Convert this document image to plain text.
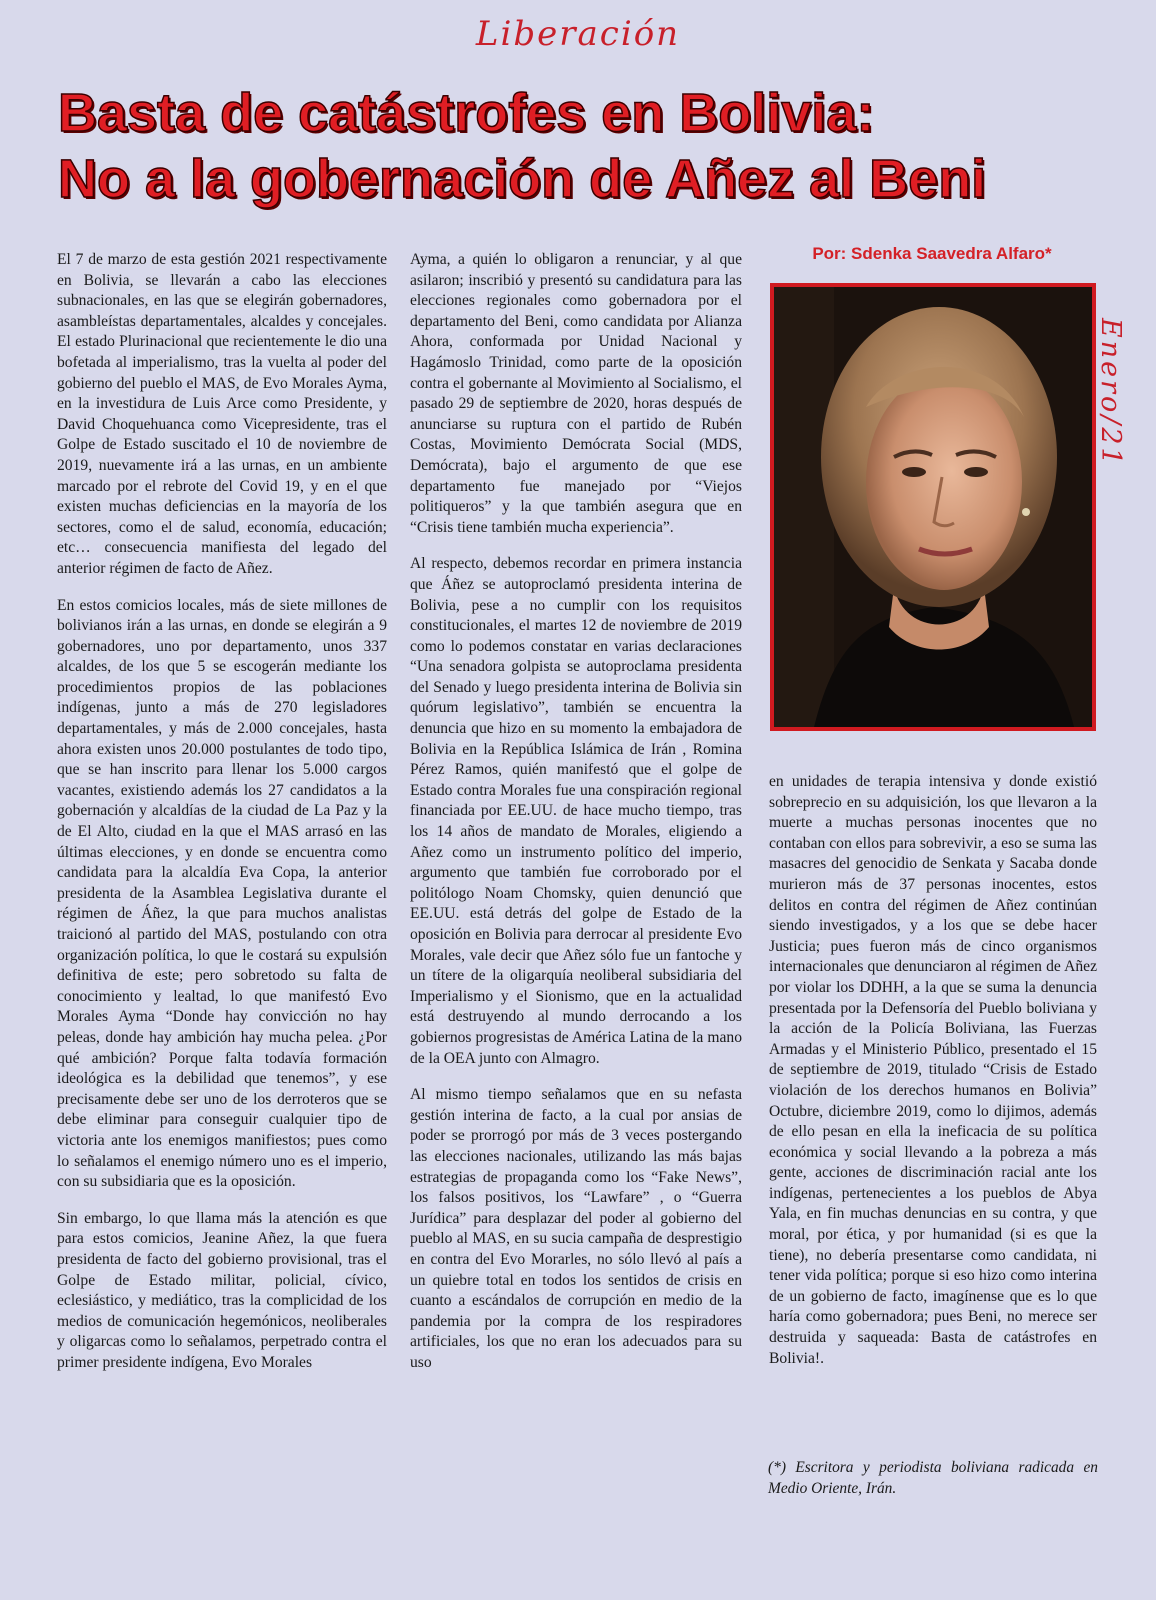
Liberación
Basta de catástrofes en Bolivia:
No a la gobernación de Añez al Beni

El 7 de marzo de esta gestión 2021 respectivamente en Bolivia, se llevarán a cabo las elecciones subnacionales, en las que se elegirán gobernadores, asambleístas departamentales, alcaldes y concejales. El estado Plurinacional que recientemente le dio una bofetada al imperialismo, tras la vuelta al poder del gobierno del pueblo el MAS, de Evo Morales Ayma, en la investidura de Luis Arce como Presidente, y David Choquehuanca como Vicepresidente, tras el Golpe de Estado suscitado el 10 de noviembre de 2019, nuevamente irá a las urnas, en un ambiente marcado por el rebrote del Covid 19, y en el que existen muchas deficiencias en la mayoría de los sectores, como el de salud, economía, educación; etc… consecuencia manifiesta del legado del anterior régimen de facto de Añez.

En estos comicios locales, más de siete millones de bolivianos irán a las urnas, en donde se elegirán a 9 gobernadores, uno por departamento, unos 337 alcaldes, de los que 5 se escogerán mediante los procedimientos propios de las poblaciones indígenas, junto a más de 270 legisladores departamentales, y más de 2.000 concejales, hasta ahora existen unos 20.000 postulantes de todo tipo, que se han inscrito para llenar los 5.000 cargos vacantes, existiendo además los 27 candidatos a la gobernación y alcaldías de la ciudad de La Paz y la de El Alto, ciudad en la que el MAS arrasó en las últimas elecciones, y en donde se encuentra como candidata para la alcaldía Eva Copa, la anterior presidenta de la Asamblea Legislativa durante el régimen de Áñez, la que para muchos analistas traicionó al partido del MAS, postulando con otra organización política, lo que le costará su expulsión definitiva de este; pero sobretodo su falta de conocimiento y lealtad, lo que manifestó Evo Morales Ayma “Donde hay convicción no hay peleas, donde hay ambición hay mucha pelea. ¿Por qué ambición? Porque falta todavía formación ideológica es la debilidad que tenemos”, y ese precisamente debe ser uno de los derroteros que se debe eliminar para conseguir cualquier tipo de victoria ante los enemigos manifiestos; pues como lo señalamos el enemigo número uno es el imperio, con su subsidiaria que es la oposición.

Sin embargo, lo que llama más la atención es que para estos comicios, Jeanine Añez, la que fuera presidenta de facto del gobierno provisional, tras el Golpe de Estado militar, policial, cívico, eclesiástico, y mediático, tras la complicidad de los medios de comunicación hegemónicos, neoliberales y oligarcas como lo señalamos, perpetrado contra el primer presidente indígena, Evo Morales

Ayma, a quién lo obligaron a renunciar, y al que asilaron; inscribió y presentó su candidatura para las elecciones regionales como gobernadora por el departamento del Beni, como candidata por Alianza Ahora, conformada por Unidad Nacional y Hagámoslo Trinidad, como parte de la oposición contra el gobernante al Movimiento al Socialismo, el pasado 29 de septiembre de 2020, horas después de anunciarse su ruptura con el partido de Rubén Costas, Movimiento Demócrata Social (MDS, Demócrata), bajo el argumento de que ese departamento fue manejado por “Viejos politiqueros” y la que también asegura que en “Crisis tiene también mucha experiencia”.

Al respecto, debemos recordar en primera instancia que Áñez se autoproclamó presidenta interina de Bolivia, pese a no cumplir con los requisitos constitucionales, el martes 12 de noviembre de 2019 como lo podemos constatar en varias declaraciones “Una senadora golpista se autoproclama presidenta del Senado y luego presidenta interina de Bolivia sin quórum legislativo”, también se encuentra la denuncia que hizo en su momento la embajadora de Bolivia en la República Islámica de Irán , Romina Pérez Ramos, quién manifestó que el golpe de Estado contra Morales fue una conspiración regional financiada por EE.UU. de hace mucho tiempo, tras los 14 años de mandato de Morales, eligiendo a Añez como un instrumento político del imperio, argumento que también fue corroborado por el politólogo Noam Chomsky, quien denunció que EE.UU. está detrás del golpe de Estado de la oposición en Bolivia para derrocar al presidente Evo Morales, vale decir que Añez sólo fue un fantoche y un títere de la oligarquía neoliberal subsidiaria del Imperialismo y el Sionismo, que en la actualidad está destruyendo al mundo derrocando a los gobiernos progresistas de América Latina de la mano de la OEA junto con Almagro.

Al mismo tiempo señalamos que en su nefasta gestión interina de facto, a la cual por ansias de poder se prorrogó por más de 3 veces postergando las elecciones nacionales, utilizando las más bajas estrategias de propaganda como los “Fake News”, los falsos positivos, los “Lawfare” , o “Guerra Jurídica” para desplazar del poder al gobierno del pueblo al MAS, en su sucia campaña de desprestigio en contra del Evo Morarles, no sólo llevó al país a un quiebre total en todos los sentidos de crisis en cuanto a escándalos de corrupción en medio de la pandemia por la compra de los respiradores artificiales, los que no eran los adecuados para su uso

Por: Sdenka Saavedra Alfaro*
Enero/21

en unidades de terapia intensiva y donde existió sobreprecio en su adquisición, los que llevaron a la muerte a muchas personas inocentes que no contaban con ellos para sobrevivir, a eso se suma las masacres del genocidio de Senkata y Sacaba donde murieron más de 37 personas inocentes, estos delitos en contra del régimen de Añez continúan siendo investigados, y a los que se debe hacer Justicia; pues fueron más de cinco organismos internacionales que denunciaron al régimen de Añez por violar los DDHH, a la que se suma la denuncia presentada por la Defensoría del Pueblo boliviana y la acción de la Policía Boliviana, las Fuerzas Armadas y el Ministerio Público, presentado el 15 de septiembre de 2019, titulado “Crisis de Estado violación de los derechos humanos en Bolivia” Octubre, diciembre 2019, como lo dijimos, además de ello pesan en ella la ineficacia de su política económica y social llevando a la pobreza a más gente, acciones de discriminación racial ante los indígenas, pertenecientes a los pueblos de Abya Yala, en fin muchas denuncias en su contra, y que moral, por ética, y por humanidad (si es que la tiene), no debería presentarse como candidata, ni tener vida política; porque si eso hizo como interina de un gobierno de facto, imagínense que es lo que haría como gobernadora; pues Beni, no merece ser destruida y saqueada: Basta de catástrofes en Bolivia!.

(*) Escritora y periodista boliviana radicada en Medio Oriente, Irán.
